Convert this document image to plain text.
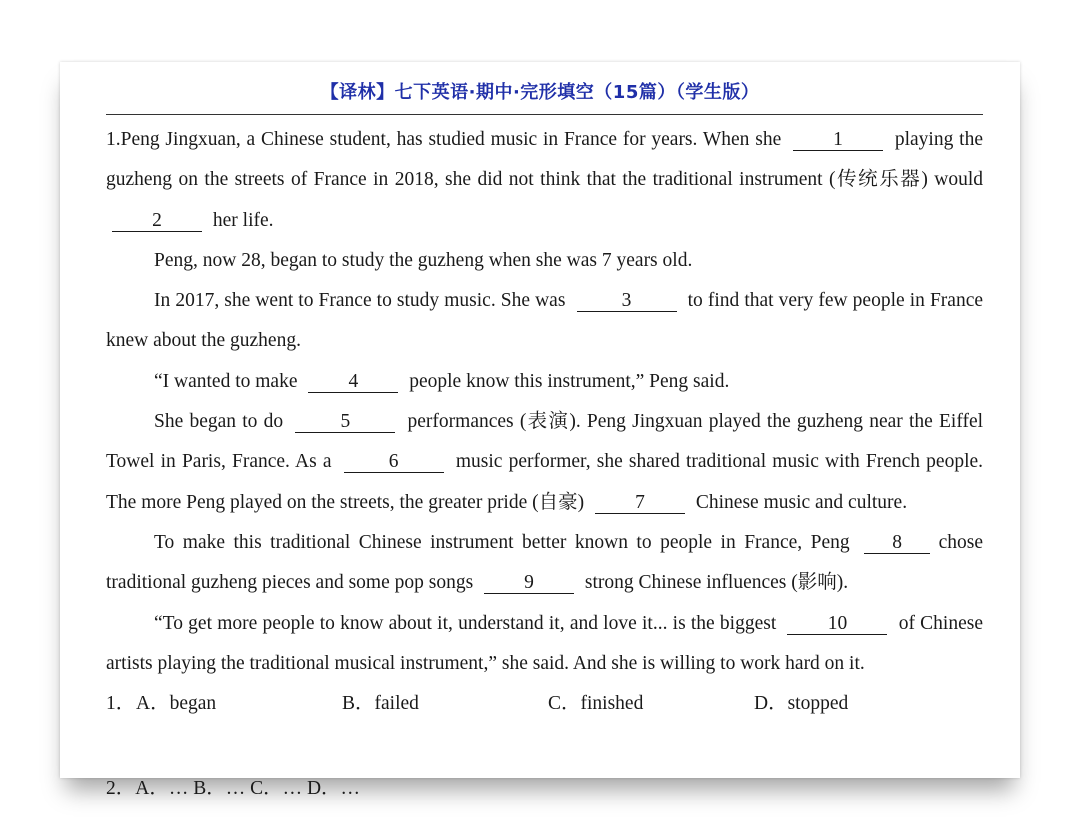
【译林】七下英语·期中·完形填空（15篇）（学生版）

1.Peng Jingxuan, a Chinese student, has studied music in France for years. When she	1	playing the guzheng on the streets of France in 2018, she did not think that the traditional instrument (传统乐器) would 2	her life.

Peng, now 28, began to study the guzheng when she was 7 years old.

In 2017, she went to France to study music. She was	3	to find that very few people in France knew about the guzheng.

“I wanted to make	4	people know this instrument,” Peng said.

She began to do	5	performances (表演). Peng Jingxuan played the guzheng near the Eiffel Towel in Paris, France. As a	6	music performer, she shared traditional music with French people. The more Peng played on the streets, the greater pride (自豪)	7	Chinese music and culture.

To make this traditional Chinese instrument better known to people in France, Peng 8 chose traditional guzheng pieces and some pop songs	9	strong Chinese influences (影响).

“To get more people to know about it, understand it, and love it... is the biggest	10	of Chinese artists playing the traditional musical instrument,” she said. And she is willing to work hard on it.

1． A．began	B．failed	C．finished	D．stopped
2．A．… B．… C．… D．…
